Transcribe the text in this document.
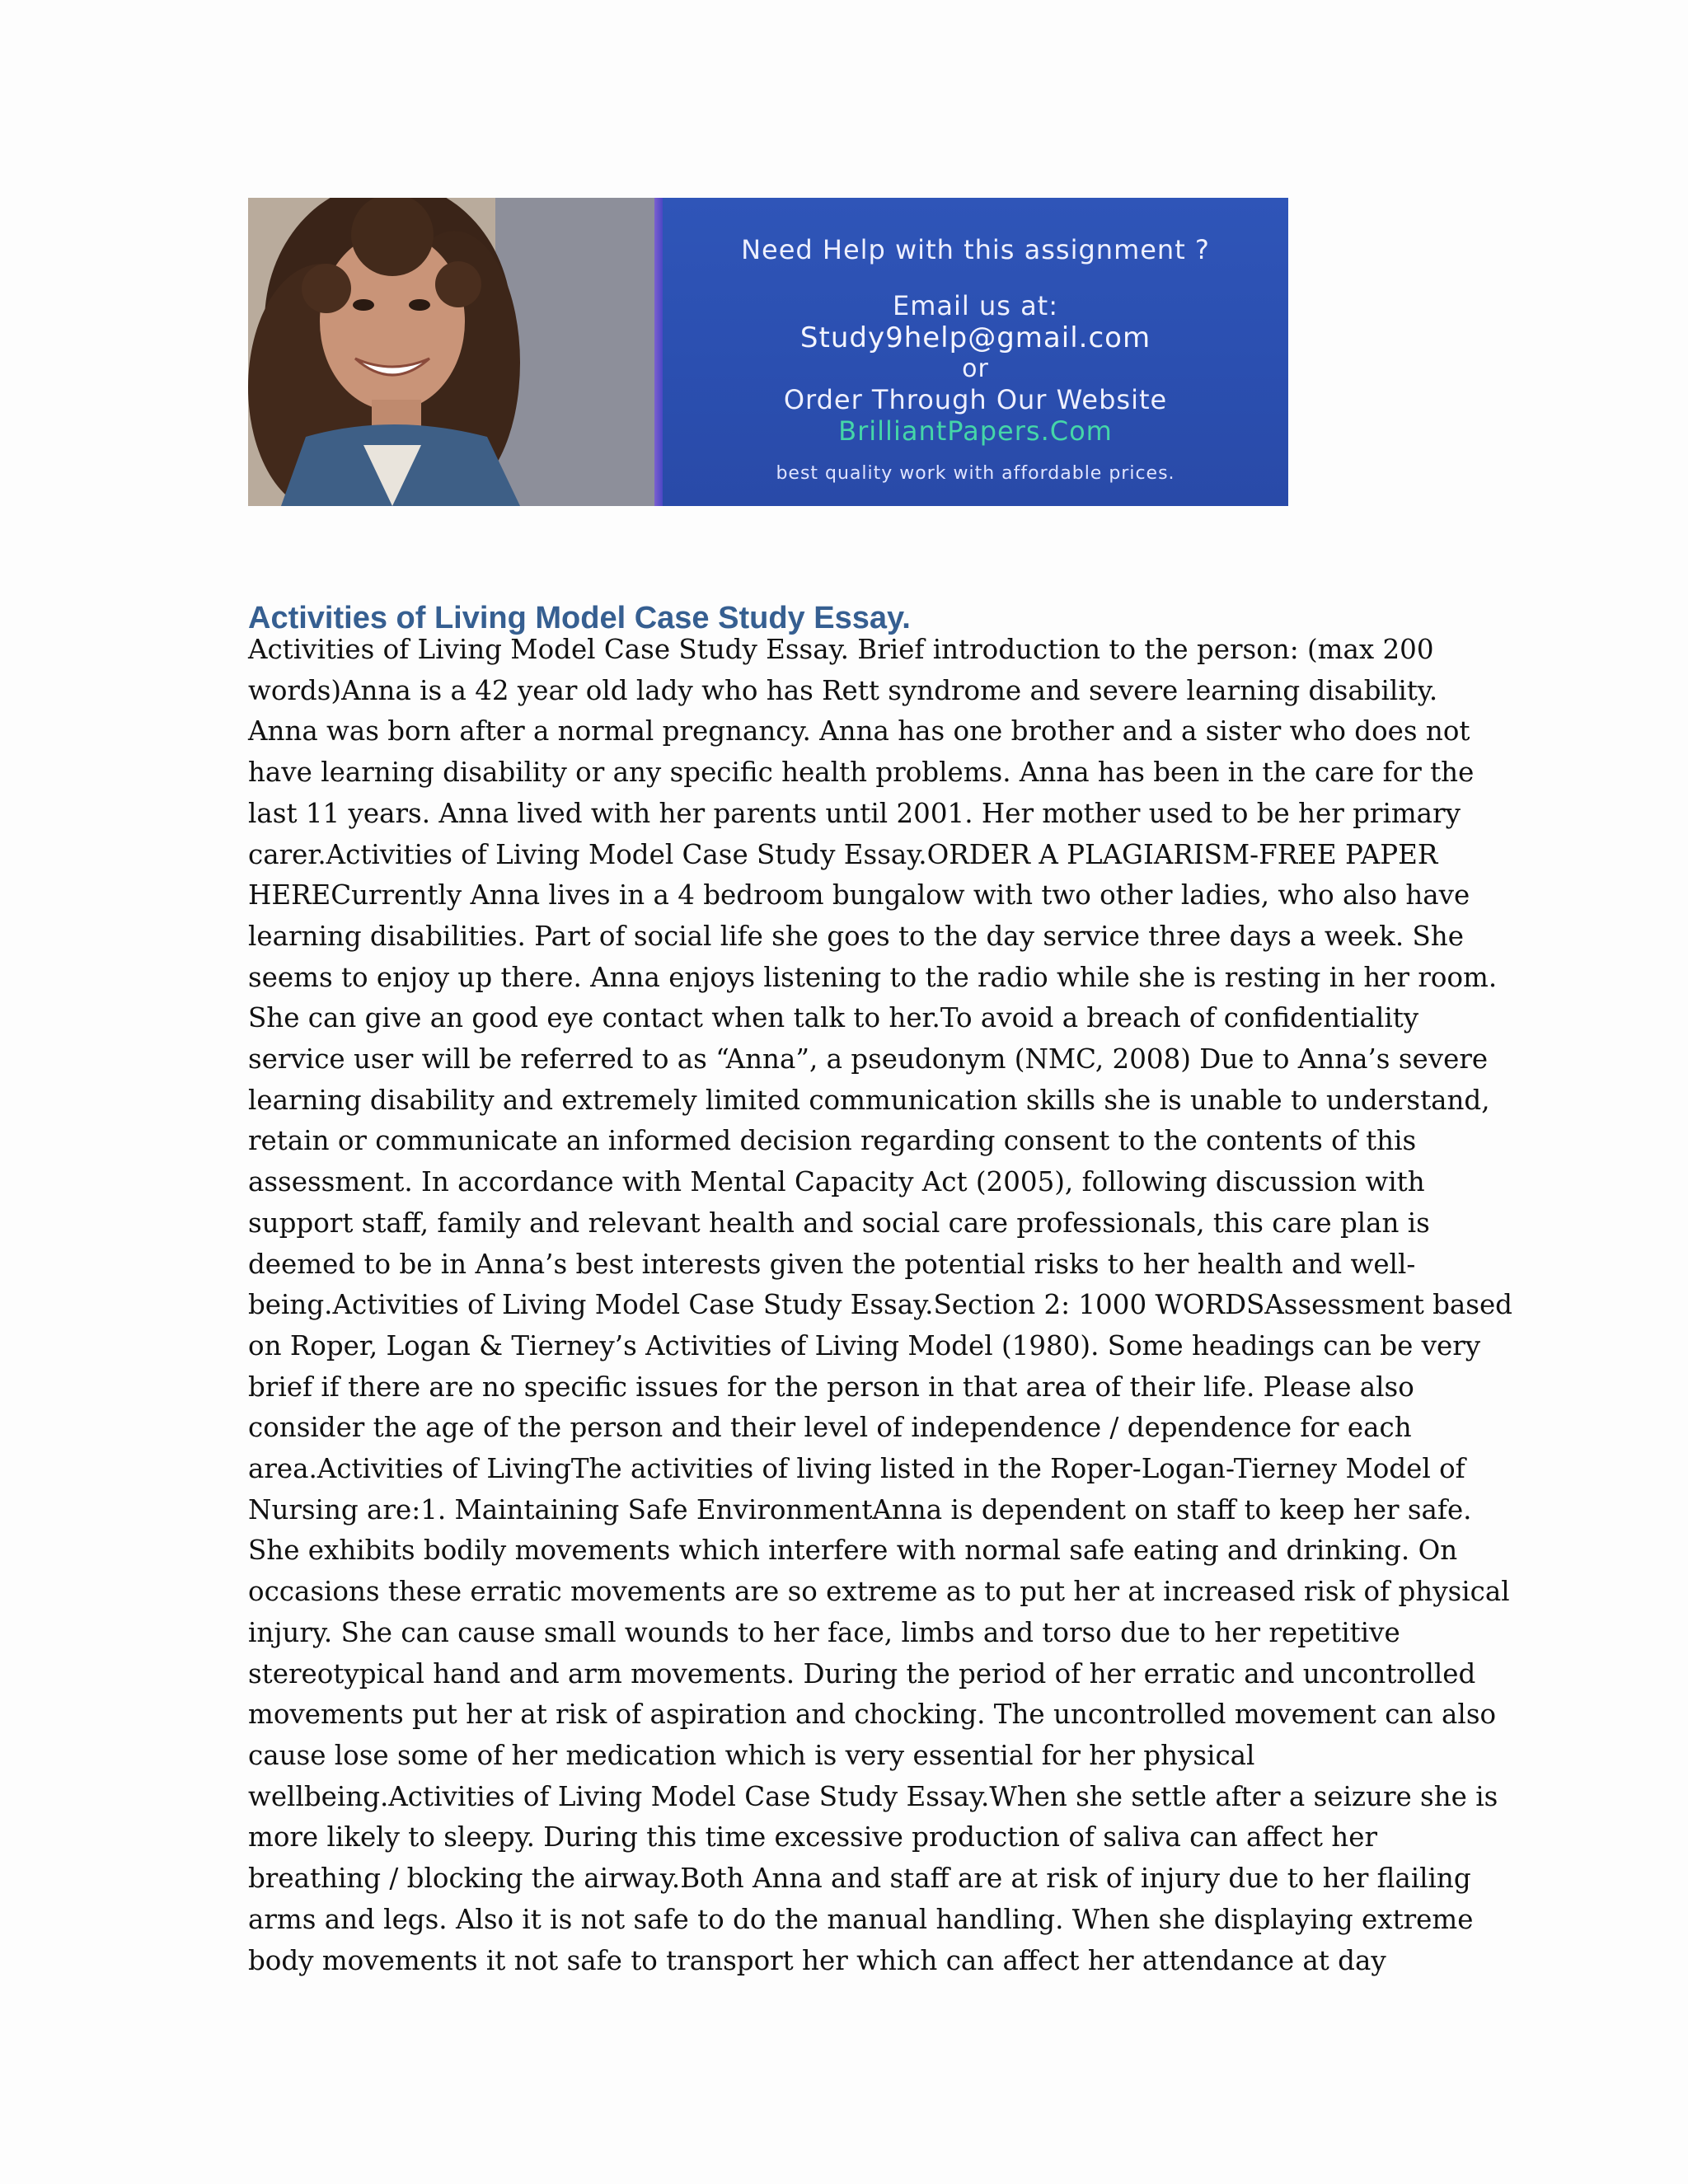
Need Help with this assignment ?
Email us at:
Study9help@gmail.com
or
Order Through Our Website
BrilliantPapers.Com
best quality work with affordable prices.
Activities of Living Model Case Study Essay.
Activities of Living Model Case Study Essay. Brief introduction to the person: (max 200
words)Anna is a 42 year old lady who has Rett syndrome and severe learning disability.
Anna was born after a normal pregnancy. Anna has one brother and a sister who does not
have learning disability or any specific health problems. Anna has been in the care for the
last 11 years. Anna lived with her parents until 2001. Her mother used to be her primary
carer.Activities of Living Model Case Study Essay.ORDER A PLAGIARISM-FREE PAPER
HERECurrently Anna lives in a 4 bedroom bungalow with two other ladies, who also have
learning disabilities. Part of social life she goes to the day service three days a week. She
seems to enjoy up there. Anna enjoys listening to the radio while she is resting in her room.
She can give an good eye contact when talk to her.To avoid a breach of confidentiality
service user will be referred to as “Anna”, a pseudonym (NMC, 2008) Due to Anna’s severe
learning disability and extremely limited communication skills she is unable to understand,
retain or communicate an informed decision regarding consent to the contents of this
assessment. In accordance with Mental Capacity Act (2005), following discussion with
support staff, family and relevant health and social care professionals, this care plan is
deemed to be in Anna’s best interests given the potential risks to her health and well-
being.Activities of Living Model Case Study Essay.Section 2: 1000 WORDSAssessment based
on Roper, Logan & Tierney’s Activities of Living Model (1980). Some headings can be very
brief if there are no specific issues for the person in that area of their life. Please also
consider the age of the person and their level of independence / dependence for each
area.Activities of LivingThe activities of living listed in the Roper-Logan-Tierney Model of
Nursing are:1. Maintaining Safe EnvironmentAnna is dependent on staff to keep her safe.
She exhibits bodily movements which interfere with normal safe eating and drinking. On
occasions these erratic movements are so extreme as to put her at increased risk of physical
injury. She can cause small wounds to her face, limbs and torso due to her repetitive
stereotypical hand and arm movements. During the period of her erratic and uncontrolled
movements put her at risk of aspiration and chocking. The uncontrolled movement can also
cause lose some of her medication which is very essential for her physical
wellbeing.Activities of Living Model Case Study Essay.When she settle after a seizure she is
more likely to sleepy. During this time excessive production of saliva can affect her
breathing / blocking the airway.Both Anna and staff are at risk of injury due to her flailing
arms and legs. Also it is not safe to do the manual handling. When she displaying extreme
body movements it not safe to transport her which can affect her attendance at day
